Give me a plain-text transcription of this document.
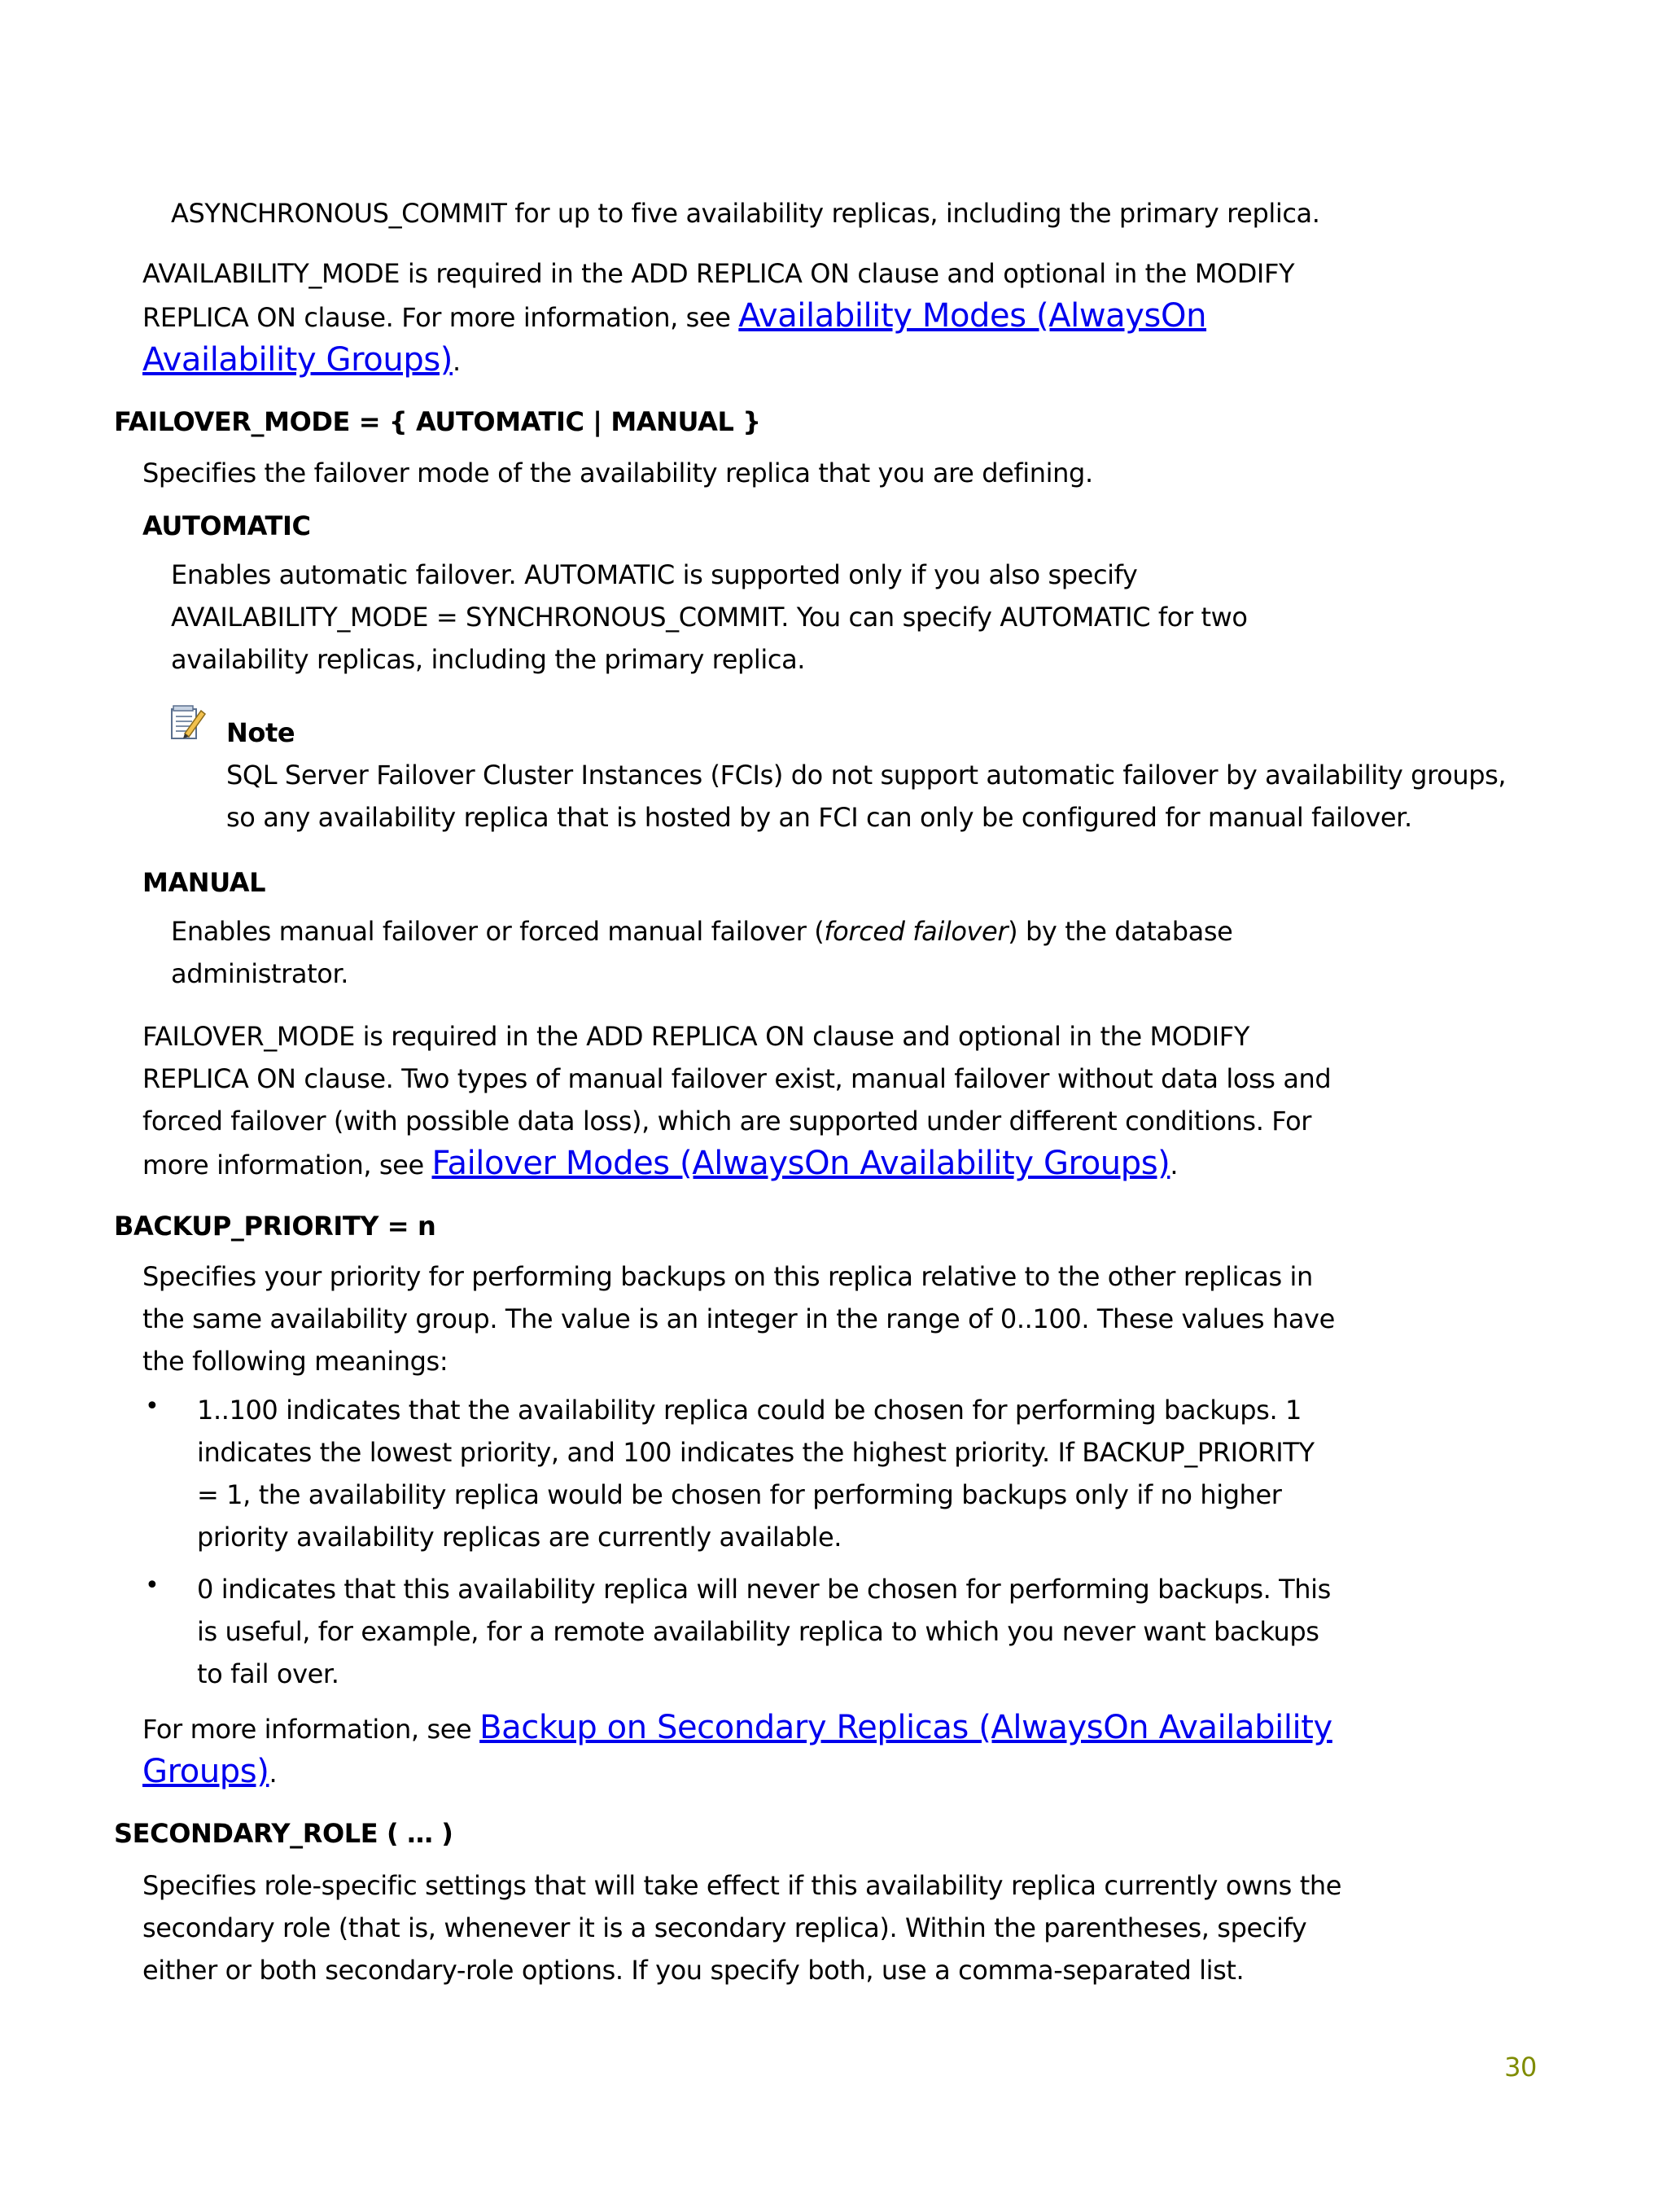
ASYNCHRONOUS_COMMIT for up to five availability replicas, including the primary replica.

AVAILABILITY_MODE is required in the ADD REPLICA ON clause and optional in the MODIFY
REPLICA ON clause. For more information, see Availability Modes (AlwaysOn
Availability Groups).
FAILOVER_MODE = { AUTOMATIC | MANUAL }
Specifies the failover mode of the availability replica that you are defining.
AUTOMATIC
Enables automatic failover. AUTOMATIC is supported only if you also specify
AVAILABILITY_MODE = SYNCHRONOUS_COMMIT. You can specify AUTOMATIC for two
availability replicas, including the primary replica.
Note
SQL Server Failover Cluster Instances (FCIs) do not support automatic failover by availability groups,
so any availability replica that is hosted by an FCI can only be configured for manual failover.
MANUAL
Enables manual failover or forced manual failover (forced failover) by the database
administrator.
FAILOVER_MODE is required in the ADD REPLICA ON clause and optional in the MODIFY
REPLICA ON clause. Two types of manual failover exist, manual failover without data loss and
forced failover (with possible data loss), which are supported under different conditions. For
more information, see Failover Modes (AlwaysOn Availability Groups).
BACKUP_PRIORITY = n
Specifies your priority for performing backups on this replica relative to the other replicas in
the same availability group. The value is an integer in the range of 0..100. These values have
the following meanings:
• 1..100 indicates that the availability replica could be chosen for performing backups. 1
indicates the lowest priority, and 100 indicates the highest priority. If BACKUP_PRIORITY
= 1, the availability replica would be chosen for performing backups only if no higher
priority availability replicas are currently available.
• 0 indicates that this availability replica will never be chosen for performing backups. This
is useful, for example, for a remote availability replica to which you never want backups
to fail over.
For more information, see Backup on Secondary Replicas (AlwaysOn Availability
Groups).
SECONDARY_ROLE ( … )
Specifies role-specific settings that will take effect if this availability replica currently owns the
secondary role (that is, whenever it is a secondary replica). Within the parentheses, specify
either or both secondary-role options. If you specify both, use a comma-separated list.
30
